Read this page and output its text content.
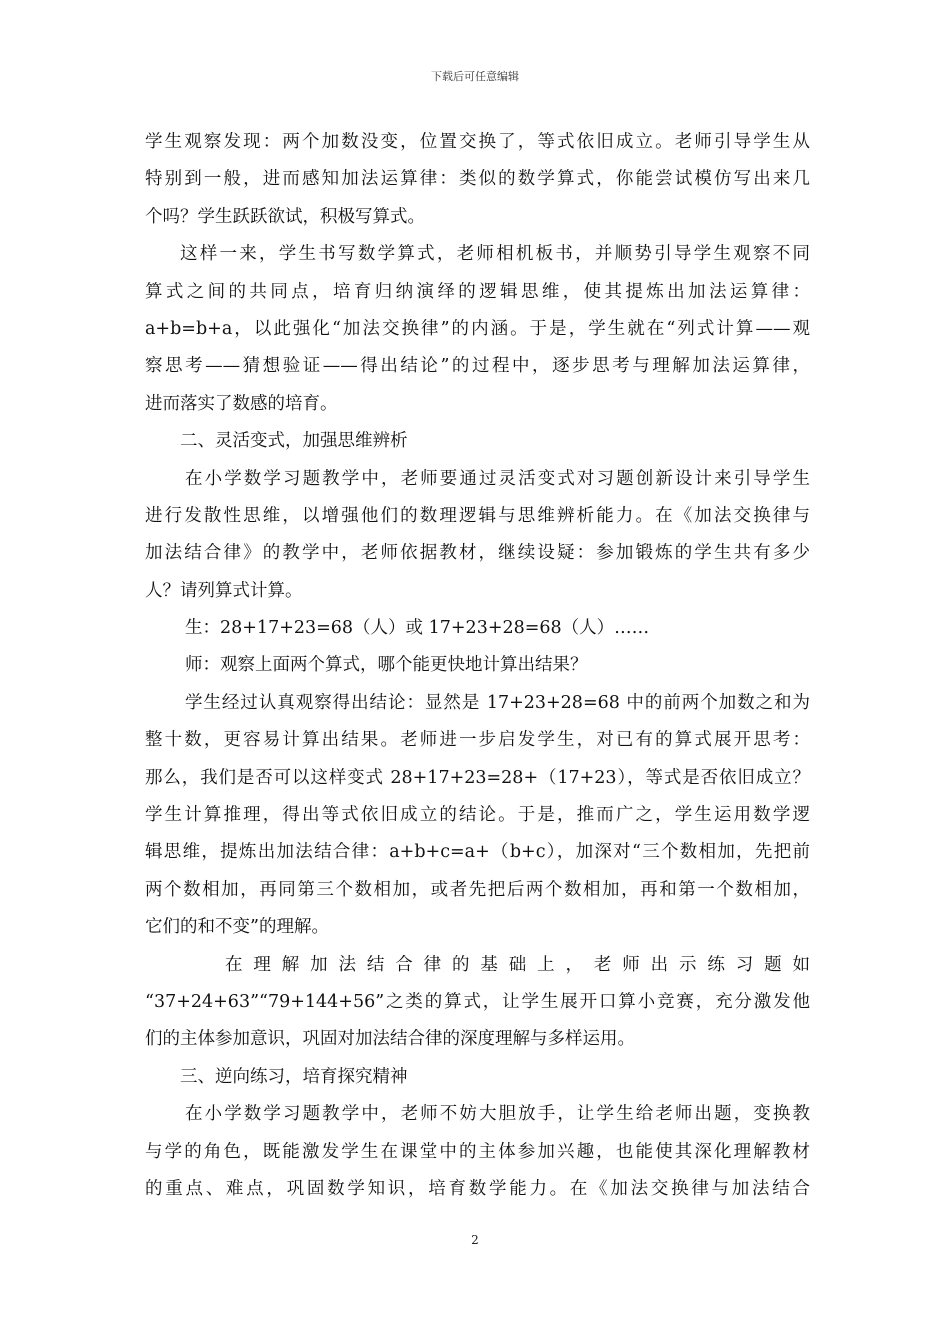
下载后可任意编辑
学生观察发现：两个加数没变，位置交换了，等式依旧成立。老师引导学生从
特别到一般，进而感知加法运算律：类似的数学算式，你能尝试模仿写出来几
个吗？学生跃跃欲试，积极写算式。
这样一来，学生书写数学算式，老师相机板书，并顺势引导学生观察不同
算式之间的共同点，培育归纳演绎的逻辑思维，使其提炼出加法运算律：
a+b=b+a，以此强化“加法交换律”的内涵。于是，学生就在“列式计算——观
察思考——猜想验证——得出结论”的过程中，逐步思考与理解加法运算律，
进而落实了数感的培育。
二、灵活变式，加强思维辨析
在小学数学习题教学中，老师要通过灵活变式对习题创新设计来引导学生
进行发散性思维，以增强他们的数理逻辑与思维辨析能力。在《加法交换律与
加法结合律》的教学中，老师依据教材，继续设疑：参加锻炼的学生共有多少
人？请列算式计算。
生：28+17+23=68（人）或 17+23+28=68（人）……
师：观察上面两个算式，哪个能更快地计算出结果？
学生经过认真观察得出结论：显然是 17+23+28=68 中的前两个加数之和为
整十数，更容易计算出结果。老师进一步启发学生，对已有的算式展开思考：
那么，我们是否可以这样变式 28+17+23=28+（17+23），等式是否依旧成立？
学生计算推理，得出等式依旧成立的结论。于是，推而广之，学生运用数学逻
辑思维，提炼出加法结合律：a+b+c=a+（b+c），加深对“三个数相加，先把前
两个数相加，再同第三个数相加，或者先把后两个数相加，再和第一个数相加，
它们的和不变”的理解。
在理解加法结合律的基础上，老师出示练习题如
“37+24+63”“79+144+56”之类的算式，让学生展开口算小竞赛，充分激发他
们的主体参加意识，巩固对加法结合律的深度理解与多样运用。
三、逆向练习，培育探究精神
在小学数学习题教学中，老师不妨大胆放手，让学生给老师出题，变换教
与学的角色，既能激发学生在课堂中的主体参加兴趣，也能使其深化理解教材
的重点、难点，巩固数学知识，培育数学能力。在《加法交换律与加法结合
2
